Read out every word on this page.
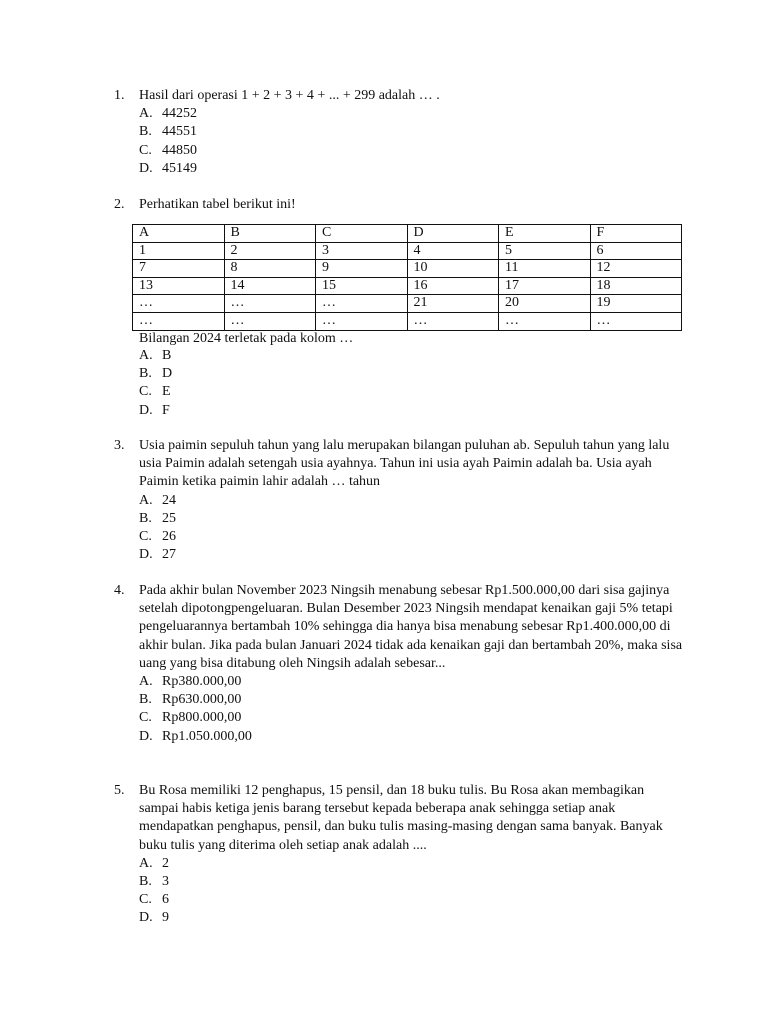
1. Hasil dari operasi 1 + 2 + 3 + 4 + ... + 299 adalah … .
A. 44252
B. 44551
C. 44850
D. 45149
2. Perhatikan tabel berikut ini!
A	B	C	D	E	F
1	2	3	4	5	6
7	8	9	10	11	12
13	14	15	16	17	18
…	…	…	21	20	19
…	…	…	…	…	…
Bilangan 2024 terletak pada kolom …
A. B
B. D
C. E
D. F
3. Usia paimin sepuluh tahun yang lalu merupakan bilangan puluhan ab. Sepuluh tahun yang lalu usia Paimin adalah setengah usia ayahnya. Tahun ini usia ayah Paimin adalah ba. Usia ayah Paimin ketika paimin lahir adalah … tahun
A. 24
B. 25
C. 26
D. 27
4. Pada akhir bulan November 2023 Ningsih menabung sebesar Rp1.500.000,00 dari sisa gajinya setelah dipotongpengeluaran. Bulan Desember 2023 Ningsih mendapat kenaikan gaji 5% tetapi pengeluarannya bertambah 10% sehingga dia hanya bisa menabung sebesar Rp1.400.000,00 di akhir bulan. Jika pada bulan Januari 2024 tidak ada kenaikan gaji dan bertambah 20%, maka sisa uang yang bisa ditabung oleh Ningsih adalah sebesar...
A. Rp380.000,00
B. Rp630.000,00
C. Rp800.000,00
D. Rp1.050.000,00
5. Bu Rosa memiliki 12 penghapus, 15 pensil, dan 18 buku tulis. Bu Rosa akan membagikan sampai habis ketiga jenis barang tersebut kepada beberapa anak sehingga setiap anak mendapatkan penghapus, pensil, dan buku tulis masing-masing dengan sama banyak. Banyak buku tulis yang diterima oleh setiap anak adalah ....
A. 2
B. 3
C. 6
D. 9
